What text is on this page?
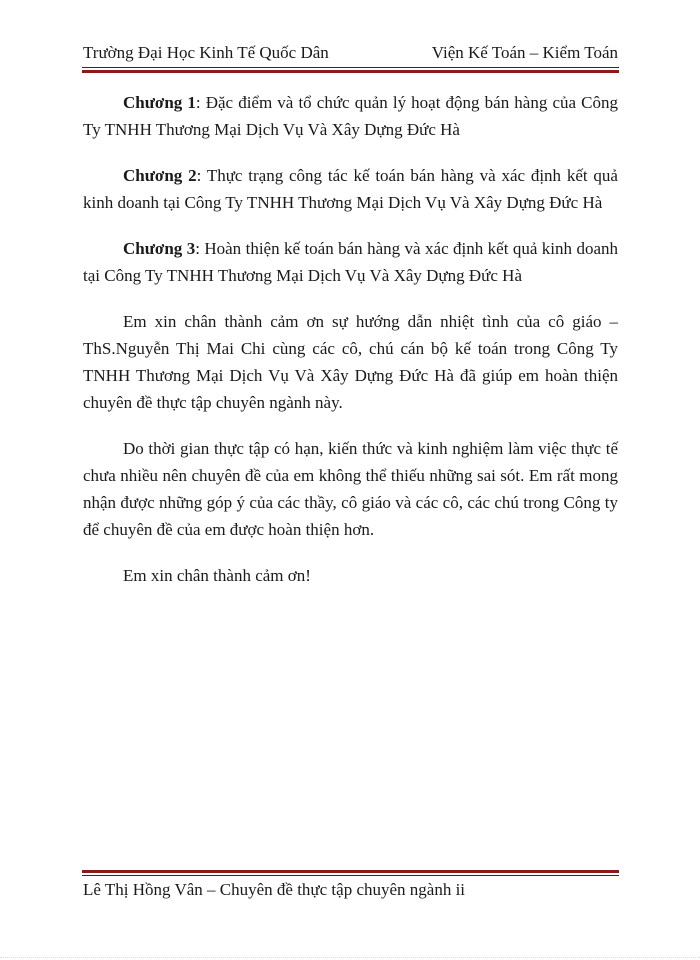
Trường Đại Học Kinh Tế Quốc Dân	Viện Kế Toán – Kiểm Toán

Chương 1: Đặc điểm và tổ chức quản lý hoạt động bán hàng của Công Ty TNHH Thương Mại Dịch Vụ Và Xây Dựng Đức Hà

Chương 2: Thực trạng công tác kế toán bán hàng và xác định kết quả kinh doanh tại Công Ty TNHH Thương Mại Dịch Vụ Và Xây Dựng Đức Hà

Chương 3: Hoàn thiện kế toán bán hàng và xác định kết quả kinh doanh tại Công Ty TNHH Thương Mại Dịch Vụ Và Xây Dựng Đức Hà

Em xin chân thành cảm ơn sự hướng dẫn nhiệt tình của cô giáo – ThS.Nguyễn Thị Mai Chi cùng các cô, chú cán bộ kế toán trong Công Ty TNHH Thương Mại Dịch Vụ Và Xây Dựng Đức Hà đã giúp em hoàn thiện chuyên đề thực tập chuyên ngành này.

Do thời gian thực tập có hạn, kiến thức và kinh nghiệm làm việc thực tế chưa nhiều nên chuyên đề của em không thể thiếu những sai sót. Em rất mong nhận được những góp ý của các thầy, cô giáo và các cô, các chú trong Công ty để chuyên đề của em được hoàn thiện hơn.

Em xin chân thành cảm ơn!

Lê Thị Hồng Vân – Chuyên đề thực tập chuyên ngành ii
